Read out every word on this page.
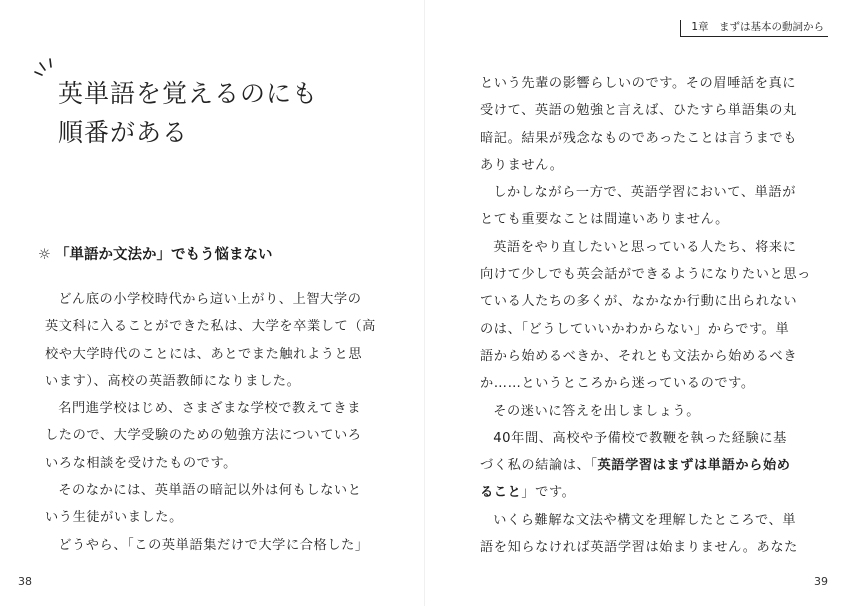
英単語を覚えるのにも
順番がある
☼ 「単語か文法か」でもう悩まない

どん底の小学校時代から這い上がり、上智大学の

英文科に入ることができた私は、大学を卒業して（高

校や大学時代のことには、あとでまた触れようと思

います）、高校の英語教師になりました。

名門進学校はじめ、さまざまな学校で教えてきま

したので、大学受験のための勉強方法についていろ

いろな相談を受けたものです。

そのなかには、英単語の暗記以外は何もしないと

いう生徒がいました。

どうやら、「この英単語集だけで大学に合格した」

38
1章　まずは基本の動詞から

という先輩の影響らしいのです。その眉唾話を真に

受けて、英語の勉強と言えば、ひたすら単語集の丸

暗記。結果が残念なものであったことは言うまでも

ありません。

しかしながら一方で、英語学習において、単語が

とても重要なことは間違いありません。

英語をやり直したいと思っている人たち、将来に

向けて少しでも英会話ができるようになりたいと思っ

ている人たちの多くが、なかなか行動に出られない

のは、「どうしていいかわからない」からです。単

語から始めるべきか、それとも文法から始めるべき

か……というところから迷っているのです。

その迷いに答えを出しましょう。

40年間、高校や予備校で教鞭を執った経験に基

づく私の結論は、「英語学習はまずは単語から始め

ること」です。

いくら難解な文法や構文を理解したところで、単

語を知らなければ英語学習は始まりません。あなた

39
